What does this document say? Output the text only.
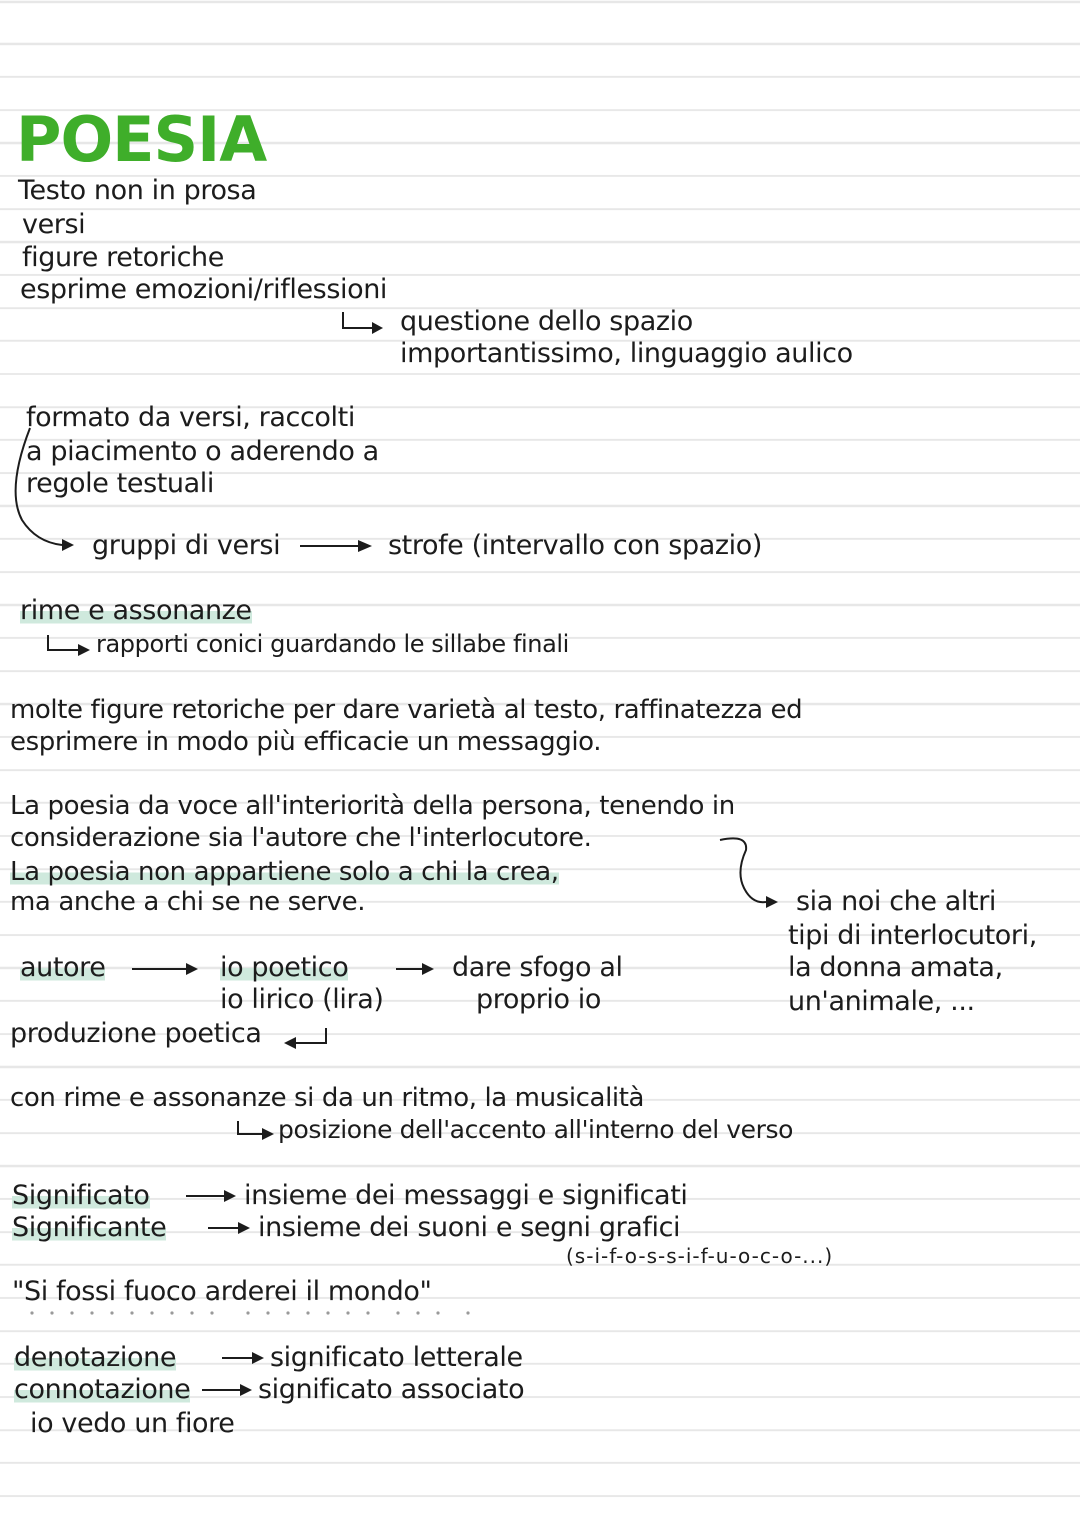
POESIA
Testo non in prosa
versi
figure retoriche
esprime emozioni/riflessioni
questione dello spazio
importantissimo, linguaggio aulico
formato da versi, raccolti
a piacimento o aderendo a
regole testuali
gruppi di versi	strofe (intervallo con spazio)
rime e assonanze
rapporti conici guardando le sillabe finali
molte figure retoriche per dare varietà al testo, raffinatezza ed
esprimere in modo più efficacie un messaggio.
La poesia da voce all'interiorità della persona, tenendo in
considerazione sia l'autore che l'interlocutore.
La poesia non appartiene solo a chi la crea,
ma anche a chi se ne serve.	sia noi che altri
tipi di interlocutori,
la donna amata,
un'animale, ...
autore	io poetico
io lirico (lira)
dare sfogo al
proprio io
produzione poetica
con rime e assonanze si da un ritmo, la musicalità
posizione dell'accento all'interno del verso
Significato	insieme dei messaggi e significati
Significante	insieme dei suoni e segni grafici
(s-i-f-o-s-s-i-f-u-o-c-o-...)
"Si fossi fuoco arderei il mondo"
denotazione	significato letterale
connotazione	significato associato
io vedo un fiore
